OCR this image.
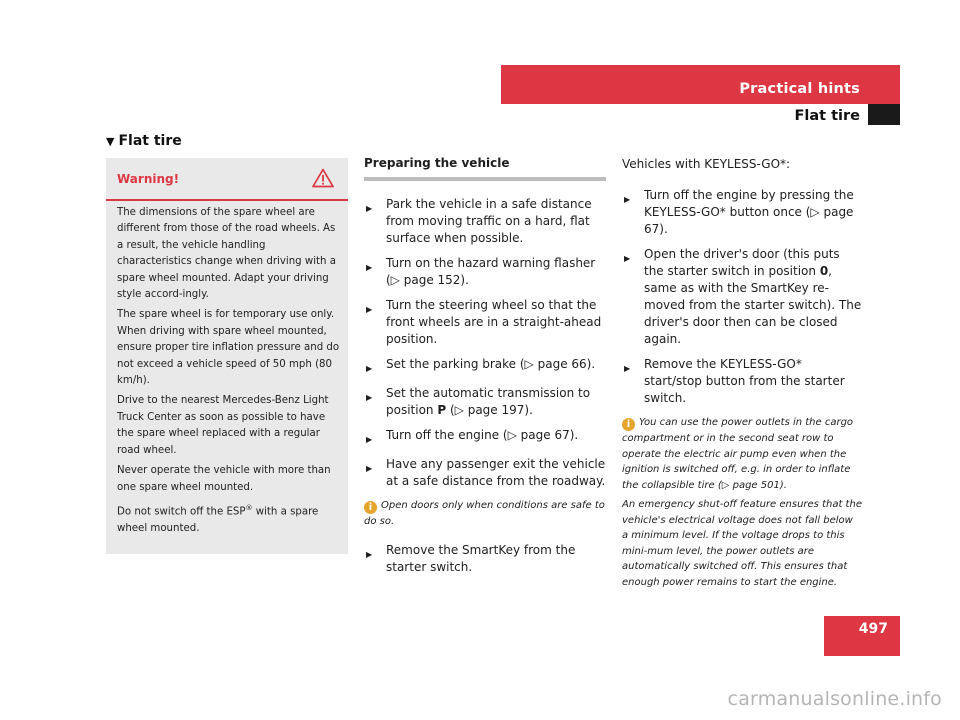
Practical hints
Flat tire
▼ Flat tire
Warning!

The dimensions of the spare wheel are different from those of the road wheels. As a result, the vehicle handling characteristics change when driving with a spare wheel mounted. Adapt your driving style accord-ingly.

The spare wheel is for temporary use only. When driving with spare wheel mounted, ensure proper tire inflation pressure and do not exceed a vehicle speed of 50 mph (80 km/h).

Drive to the nearest Mercedes-Benz Light Truck Center as soon as possible to have the spare wheel replaced with a regular road wheel.

Never operate the vehicle with more than one spare wheel mounted.

Do not switch off the ESP® with a spare wheel mounted.

Preparing the vehicle
▶	Park the vehicle in a safe distance from moving traffic on a hard, flat surface when possible.
▶	Turn on the hazard warning flasher (▷ page 152).
▶	Turn the steering wheel so that the front wheels are in a straight-ahead position.
▶	Set the parking brake (▷ page 66).
▶	Set the automatic transmission to
position P (▷ page 197).
▶	Turn off the engine (▷ page 67).
▶	Have any passenger exit the vehicle at a safe distance from the roadway.
i Open doors only when conditions are safe to do so.
▶	Remove the SmartKey from the starter switch.
Vehicles with KEYLESS-GO*:
▶	Turn off the engine by pressing the KEYLESS-GO* button once (▷ page 67).
▶	Open the driver's door (this puts the starter switch in position 0, same as with the SmartKey re-moved from the starter switch). The driver's door then can be closed again.
▶	Remove the KEYLESS-GO* start/stop button from the starter switch.

i You can use the power outlets in the cargo compartment or in the second seat row to operate the electric air pump even when the ignition is switched off, e.g. in order to inflate the collapsible tire (▷ page 501).

An emergency shut-off feature ensures that the vehicle's electrical voltage does not fall below a minimum level. If the voltage drops to this mini-mum level, the power outlets are automatically switched off. This ensures that enough power remains to start the engine.

497
carmanualsonline.info
